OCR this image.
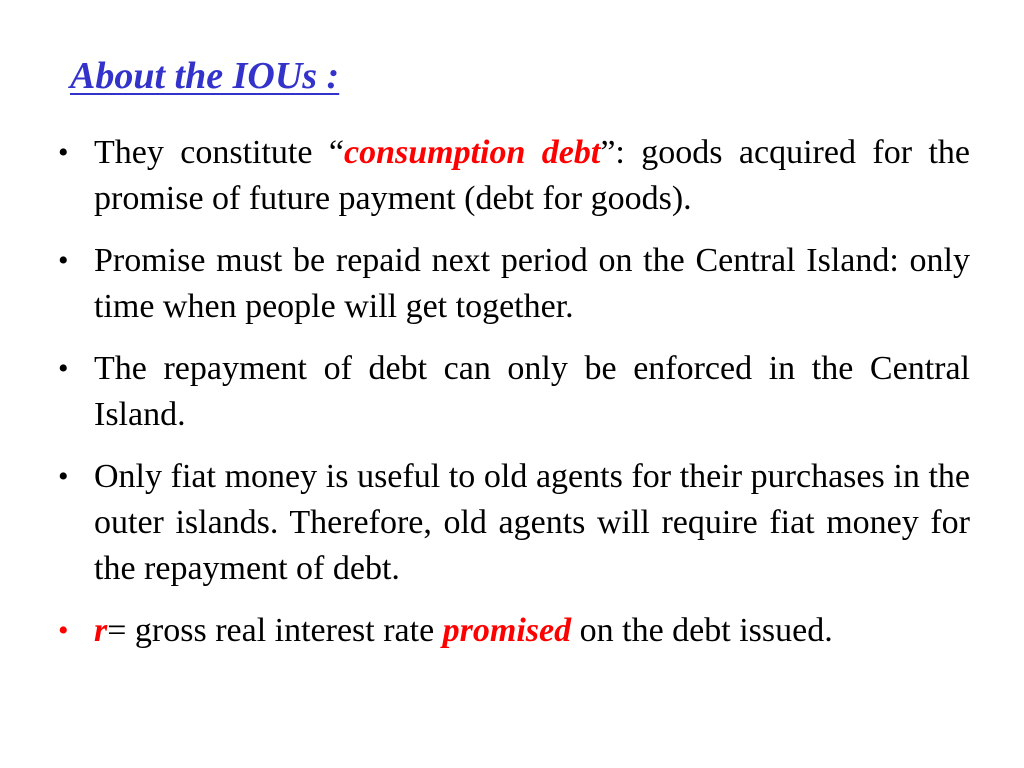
About the IOUs :
• They constitute “consumption debt”: goods acquired for the promise of future payment (debt for goods).
• Promise must be repaid next period on the Central Island: only time when people will get together.
• The repayment of debt can only be enforced in the Central Island.
• Only fiat money is useful to old agents for their purchases in the outer islands. Therefore, old agents will require fiat money for the repayment of debt.
• r= gross real interest rate promised on the debt issued.
